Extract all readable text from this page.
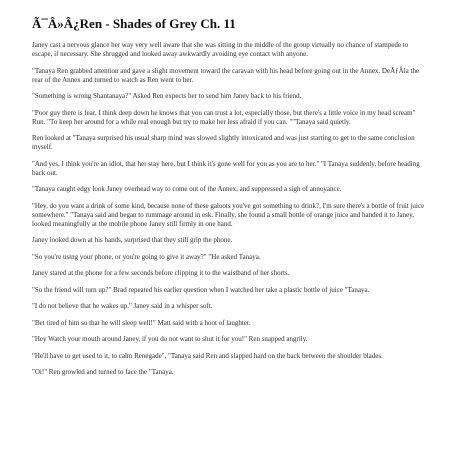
Ã¯Â»Â¿Ren - Shades of Grey Ch. 11

Janey cast a nervous glance her way very well aware that she was sitting in the middle of the group virtually no chance of stampede to escape, if necessary. She shrugged and looked away awkwardly avoiding eye contact with anyone.

"Tanaya Ren grabbed attention and gave a slight movement toward the caravan with his head before going out in the Annex. DeÃƒÂla the rear of the Annex and turned to watch as Ren went to her.

"Something is wrong Shantanaya?" Asked Ren expects her to send him Janey back to his friend.

"Poor guy there is fear, I think deep down he knows that you can trust a lot, especially those, but there's a little voice in my head scream" Run. "To keep her around for a while real enough but try to make her less afraid if you can. ""Tanaya said quietly.

Ren looked at "Tanaya surprised his usual sharp mind was slowed slightly intoxicated and was just starting to get to the same conclusion myself.

"And yes, I think you're an idiot, that her stay here, but I think it's gone well for you as you are to her." "I Tanaya suddenly, before heading back out.

"Tanaya caught edgy look Janey overhead way to come out of the Annex, and suppressed a sigh of annoyance.

"Hey, do you want a drink of some kind, because none of these galoots you've got something to drink?, I'm sure there's a bottle of fruit juice somewhere." "Tanaya said and began to rummage around in esk. Finally, she found a small bottle of orange juice and handed it to Janey, looked meaningfully at the mobile phone Janey still firmly in one hand.

Janey looked down at his hands, surprised that they still grip the phone.

"So you're using your phone, or you're going to give it away?" "He asked Tanaya.

Janey stared at the phone for a few seconds before clipping it to the waistband of her shorts.

"So the friend will turn up?" Brad repeated his earlier question when I watched her take a plastic bottle of juice "Tanaya.

"I do not believe that he wakes up." Janey said in a whisper soft.

"Bet tired of him so that he will sleep well!" Matt said with a hoot of laughter.

"Hey Watch your mouth around Janey, if you do not want to shut it for you!" Ren snapped angrily.

"He'll have to get used to it, to calm Renegade", "Tanaya said Ren and slapped hard on the back between the shoulder blades.

"Oi!" Ren growled and turned to face the "Tanaya.
